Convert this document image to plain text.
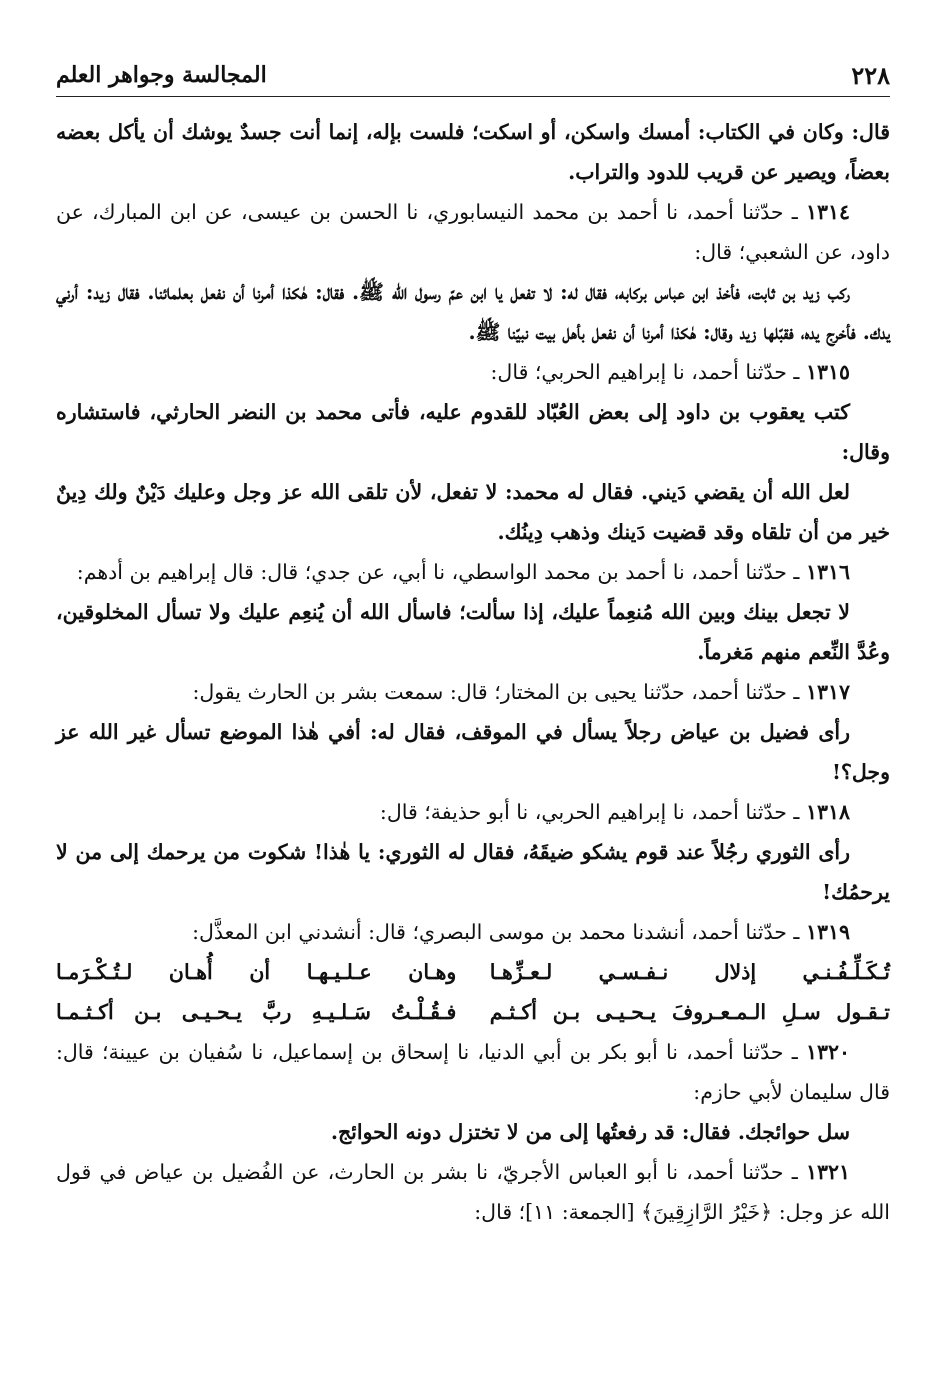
٢٢٨
المجالسة وجواهر العلم

قال: وكان في الكتاب: أمسك واسكن، أو اسكت؛ فلست بإله، إنما أنت جسدٌ يوشك أن يأكل بعضه بعضاً، ويصير عن قريب للدود والتراب.

١٣١٤ ـ حدّثنا أحمد، نا أحمد بن محمد النيسابوري، نا الحسن بن عيسى، عن ابن المبارك، عن داود، عن الشعبي؛ قال:

ركب زيد بن ثابت، فأخذ ابن عباس بركابه، فقال له: لا تفعل يا ابن عمّ رسول الله ﷺ. فقال: هٰكذا أمرنا أن نفعل بعلمائنا. فقال زيد: أرني يدك. فأخرج يده، فقبّلها زيد وقال: هٰكذا أمرنا أن نفعل بأهل بيت نبيّنا ﷺ.

١٣١٥ ـ حدّثنا أحمد، نا إبراهيم الحربي؛ قال:

كتب يعقوب بن داود إلى بعض العُبّاد للقدوم عليه، فأتى محمد بن النضر الحارثي، فاستشاره وقال:

لعل الله أن يقضي دَيني. فقال له محمد: لا تفعل، لأن تلقى الله عز وجل وعليك دَيْنٌ ولك دِينٌ خير من أن تلقاه وقد قضيت دَينك وذهب دِينُك.

١٣١٦ ـ حدّثنا أحمد، نا أحمد بن محمد الواسطي، نا أبي، عن جدي؛ قال: قال إبراهيم بن أدهم:

لا تجعل بينك وبين الله مُنعِماً عليك، إذا سألت؛ فاسأل الله أن يُنعِم عليك ولا تسأل المخلوقين، وعُدَّ النِّعم منهم مَغرماً.

١٣١٧ ـ حدّثنا أحمد، حدّثنا يحيى بن المختار؛ قال: سمعت بشر بن الحارث يقول:

رأى فضيل بن عياض رجلاً يسأل في الموقف، فقال له: أفي هٰذا الموضع تسأل غير الله عز وجل؟!

١٣١٨ ـ حدّثنا أحمد، نا إبراهيم الحربي، نا أبو حذيفة؛ قال:

رأى الثوري رجُلاً عند قوم يشكو ضيقَهُ، فقال له الثوري: يا هٰذا! شكوت من يرحمك إلى من لا يرحمُك!

١٣١٩ ـ حدّثنا أحمد، أنشدنا محمد بن موسى البصري؛ قال: أنشدني ابن المعذَّل:

تُـكَـلِّـفُـنـي إذلال نـفـسـي لـعـزِّهـا
وهـان عـلـيـهـا أن أُهـان لـتُـكْـرَمـا
تـقـول سـلِ الـمـعـروفَ يـحـيـى بـن أكـثـم
فـقُـلْـتُ سَـلـيـهِ ربَّ يـحـيـى بـن أكـثـمـا

١٣٢٠ ـ حدّثنا أحمد، نا أبو بكر بن أبي الدنيا، نا إسحاق بن إسماعيل، نا سُفيان بن عيينة؛ قال: قال سليمان لأبي حازم:

سل حوائجك. فقال: قد رفعتُها إلى من لا تختزل دونه الحوائج.

١٣٢١ ـ حدّثنا أحمد، نا أبو العباس الأجريّ، نا بشر بن الحارث، عن الفُضيل بن عياض في قول الله عز وجل: ﴿خَيْرُ الرَّازِقِينَ﴾ [الجمعة: ١١]؛ قال:
